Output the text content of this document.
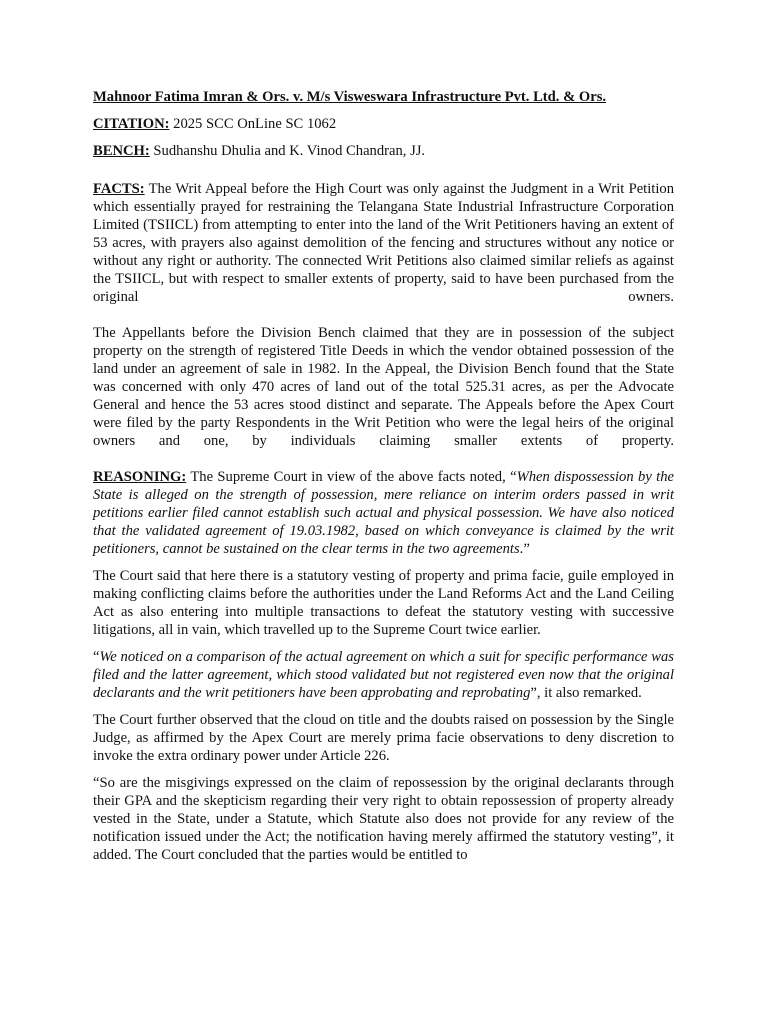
Mahnoor Fatima Imran & Ors. v. M/s Visweswara Infrastructure Pvt. Ltd. & Ors.

CITATION: 2025 SCC OnLine SC 1062

BENCH: Sudhanshu Dhulia and K. Vinod Chandran, JJ.

FACTS: The Writ Appeal before the High Court was only against the Judgment in a Writ Petition which essentially prayed for restraining the Telangana State Industrial Infrastructure Corporation Limited (TSIICL) from attempting to enter into the land of the Writ Petitioners having an extent of 53 acres, with prayers also against demolition of the fencing and structures without any notice or without any right or authority. The connected Writ Petitions also claimed similar reliefs as against the TSIICL, but with respect to smaller extents of property, said to have been purchased from the original owners.

The Appellants before the Division Bench claimed that they are in possession of the subject property on the strength of registered Title Deeds in which the vendor obtained possession of the land under an agreement of sale in 1982. In the Appeal, the Division Bench found that the State was concerned with only 470 acres of land out of the total 525.31 acres, as per the Advocate General and hence the 53 acres stood distinct and separate. The Appeals before the Apex Court were filed by the party Respondents in the Writ Petition who were the legal heirs of the original owners and one, by individuals claiming smaller extents of property.

REASONING: The Supreme Court in view of the above facts noted, “When dispossession by the State is alleged on the strength of possession, mere reliance on interim orders passed in writ petitions earlier filed cannot establish such actual and physical possession. We have also noticed that the validated agreement of 19.03.1982, based on which conveyance is claimed by the writ petitioners, cannot be sustained on the clear terms in the two agreements.”

The Court said that here there is a statutory vesting of property and prima facie, guile employed in making conflicting claims before the authorities under the Land Reforms Act and the Land Ceiling Act as also entering into multiple transactions to defeat the statutory vesting with successive litigations, all in vain, which travelled up to the Supreme Court twice earlier.

“We noticed on a comparison of the actual agreement on which a suit for specific performance was filed and the latter agreement, which stood validated but not registered even now that the original declarants and the writ petitioners have been approbating and reprobating”, it also remarked.

The Court further observed that the cloud on title and the doubts raised on possession by the Single Judge, as affirmed by the Apex Court are merely prima facie observations to deny discretion to invoke the extra ordinary power under Article 226.

“So are the misgivings expressed on the claim of repossession by the original declarants through their GPA and the skepticism regarding their very right to obtain repossession of property already vested in the State, under a Statute, which Statute also does not provide for any review of the notification issued under the Act; the notification having merely affirmed the statutory vesting”, it added. The Court concluded that the parties would be entitled to
